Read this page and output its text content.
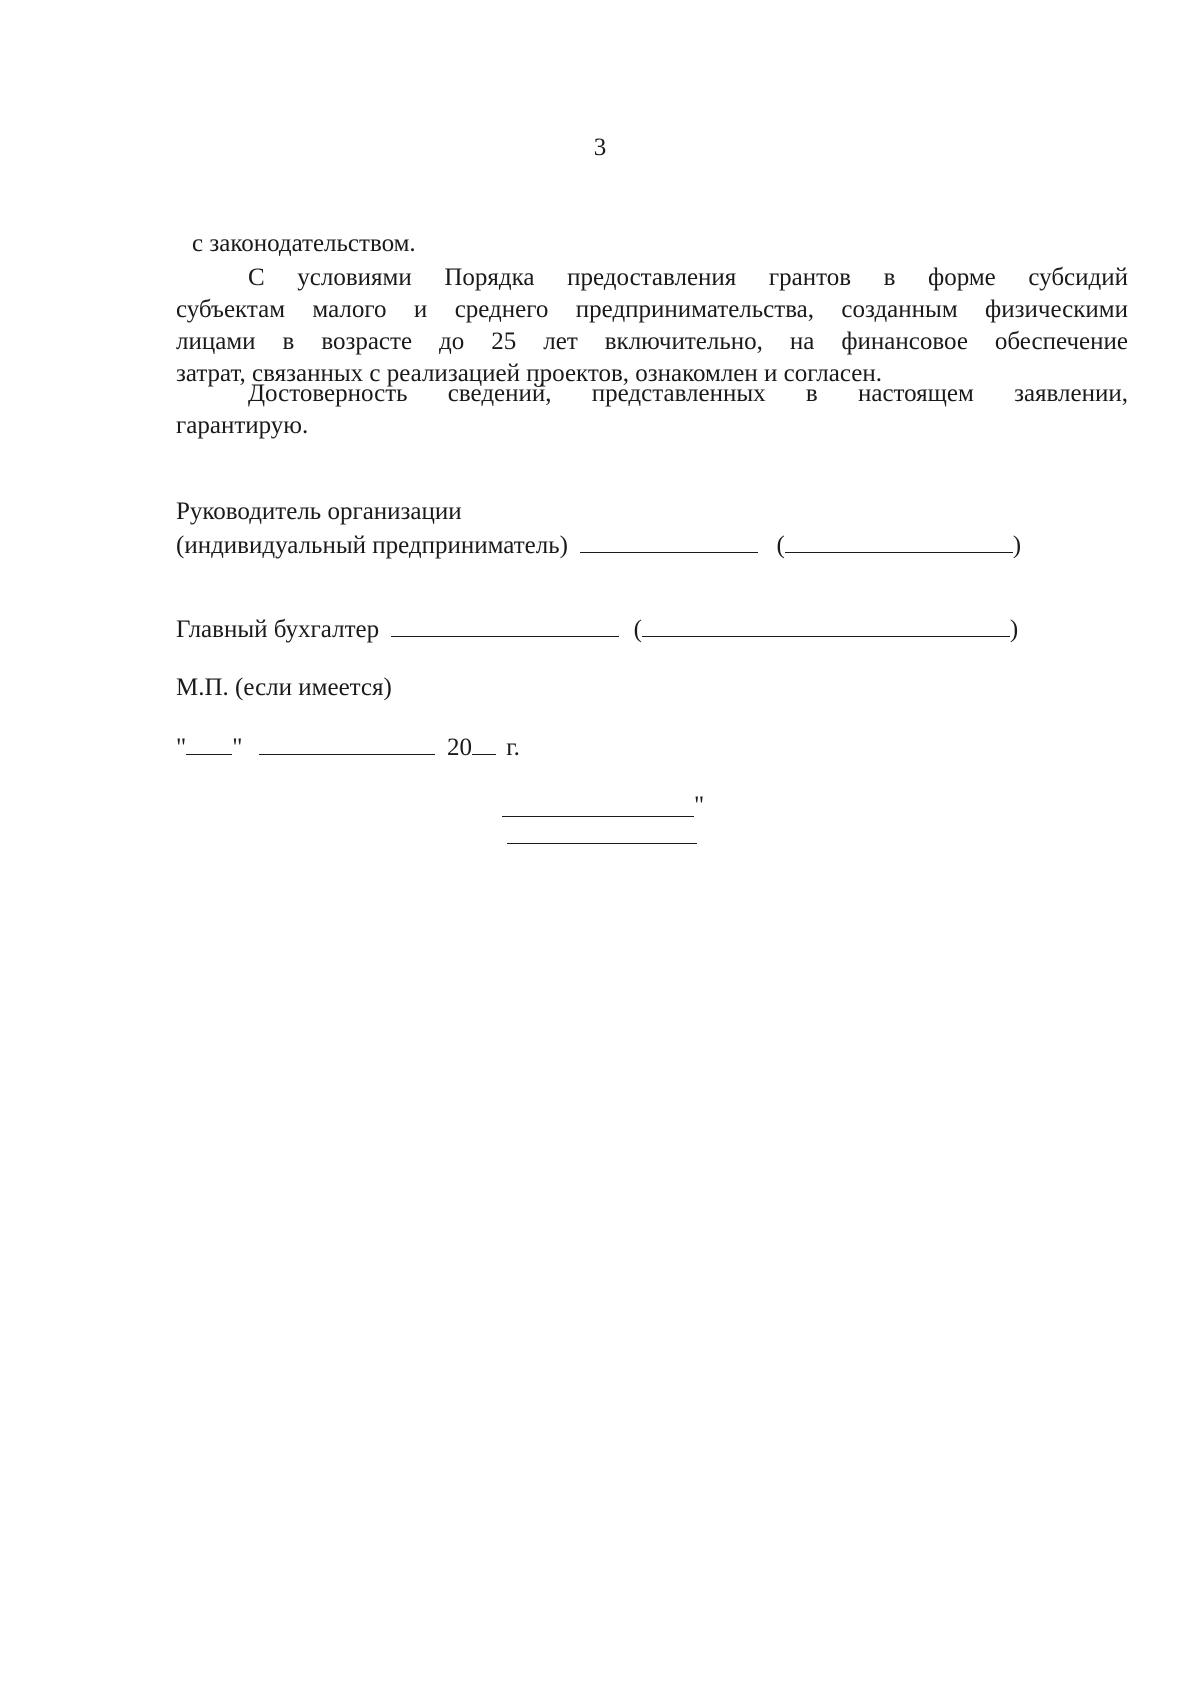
3
с законодательством.
С условиями Порядка предоставления грантов в форме субсидий
субъектам малого и среднего предпринимательства, созданным физическими
лицами в возрасте до 25 лет включительно, на финансовое обеспечение
затрат, связанных с реализацией проектов, ознакомлен и согласен.
Достоверность сведений, представленных в настоящем заявлении,
гарантирую.
Руководитель организации
(индивидуальный предприниматель)	(	)
Главный бухгалтер	(	)
М.П. (если имеется)
" "	20 г.
"
